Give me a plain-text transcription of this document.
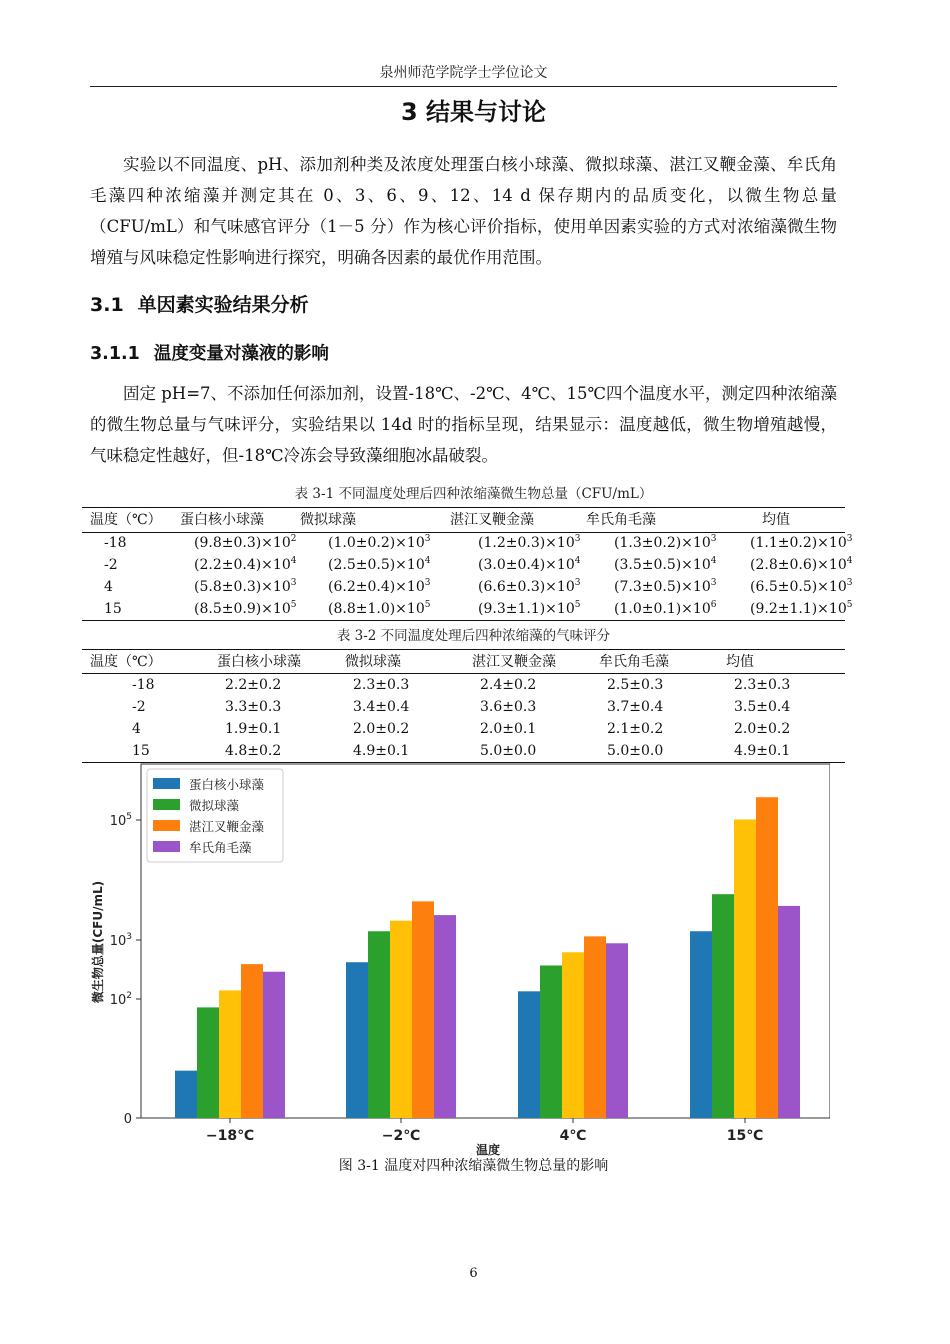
泉州师范学院学士学位论文
3 结果与讨论
实验以不同温度、pH、添加剂种类及浓度处理蛋白核小球藻、微拟球藻、湛江叉鞭金藻、牟氏角毛藻四种浓缩藻并测定其在 0、3、6、9、12、14 d 保存期内的品质变化，以微生物总量（CFU/mL）和气味感官评分（1－5 分）作为核心评价指标，使用单因素实验的方式对浓缩藻微生物增殖与风味稳定性影响进行探究，明确各因素的最优作用范围。
3.1 单因素实验结果分析
3.1.1 温度变量对藻液的影响
固定 pH=7、不添加任何添加剂，设置-18℃、-2℃、4℃、15℃四个温度水平，测定四种浓缩藻的微生物总量与气味评分，实验结果以 14d 时的指标呈现，结果显示：温度越低，微生物增殖越慢，气味稳定性越好，但-18℃冷冻会导致藻细胞冰晶破裂。
表 3-1 不同温度处理后四种浓缩藻微生物总量（CFU/mL）
温度（℃）	蛋白核小球藻	微拟球藻	湛江叉鞭金藻	牟氏角毛藻	均值
-18	$(9.8\pm 0.3)\times 10^2$	$(1.0\pm 0.2)\times 10^3$	$(1.2\pm 0.3)\times 10^3$	$(1.3\pm 0.2)\times 10^3$	$(1.1\pm 0.2)\times 10^3$
-2	$(2.2\pm 0.4)\times 10^4$	$(2.5\pm 0.5)\times 10^4$	$(3.0\pm 0.4)\times 10^4$	$(3.5\pm 0.5)\times 10^4$	$(2.8\pm 0.6)\times 10^4$
4	$(5.8\pm 0.3)\times 10^3$	$(6.2\pm 0.4)\times 10^3$	$(6.6\pm 0.3)\times 10^3$	$(7.3\pm 0.5)\times 10^3$	$(6.5\pm 0.5)\times 10^3$
15	$(8.5\pm 0.9)\times 10^5$	$(8.8\pm 1.0)\times 10^5$	$(9.3\pm 1.1)\times 10^5$	$(1.0\pm 0.1)\times 10^6$	$(9.2\pm 1.1)\times 10^5$
表 3-2 不同温度处理后四种浓缩藻的气味评分
温度（℃）	蛋白核小球藻	微拟球藻	湛江叉鞭金藻	牟氏角毛藻	均值
-18	2.2±0.2	2.3±0.3	2.4±0.2	2.5±0.3	2.3±0.3
-2	3.3±0.3	3.4±0.4	3.6±0.3	3.7±0.4	3.5±0.4
4	1.9±0.1	2.0±0.2	2.0±0.1	2.1±0.2	2.0±0.2
15	4.8±0.2	4.9±0.1	5.0±0.0	5.0±0.0	4.9±0.1
0
$10^2$
$10^3$
$10^5$
微生物总量(CFU/mL)
−18℃	−2℃	4℃	15℃
温度
蛋白核小球藻
微拟球藻
湛江叉鞭金藻
牟氏角毛藻
图 3-1 温度对四种浓缩藻微生物总量的影响
6
